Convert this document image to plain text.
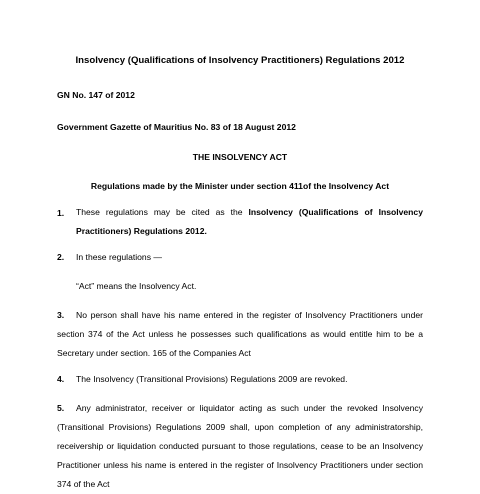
Insolvency (Qualifications of Insolvency Practitioners) Regulations 2012
GN No. 147 of 2012
Government Gazette of Mauritius No. 83 of 18 August 2012
THE INSOLVENCY ACT
Regulations made by the Minister under section 411of the Insolvency Act
1. These regulations may be cited as the Insolvency (Qualifications of Insolvency Practitioners) Regulations 2012.
2. In these regulations —
“Act” means the Insolvency Act.
No person shall have his name entered in the register of Insolvency Practitioners under section 374 of the Act unless he possesses such qualifications as would entitle him to be a Secretary under section. 165 of the Companies Act
3.
4. The Insolvency (Transitional Provisions) Regulations 2009 are revoked.
Any administrator, receiver or liquidator acting as such under the revoked Insolvency (Transitional Provisions) Regulations 2009 shall, upon completion of any administratorship, receivership or liquidation conducted pursuant to those regulations, cease to be an Insolvency Practitioner unless his name is entered in the register of Insolvency Practitioners under section 374 of the Act
5.
